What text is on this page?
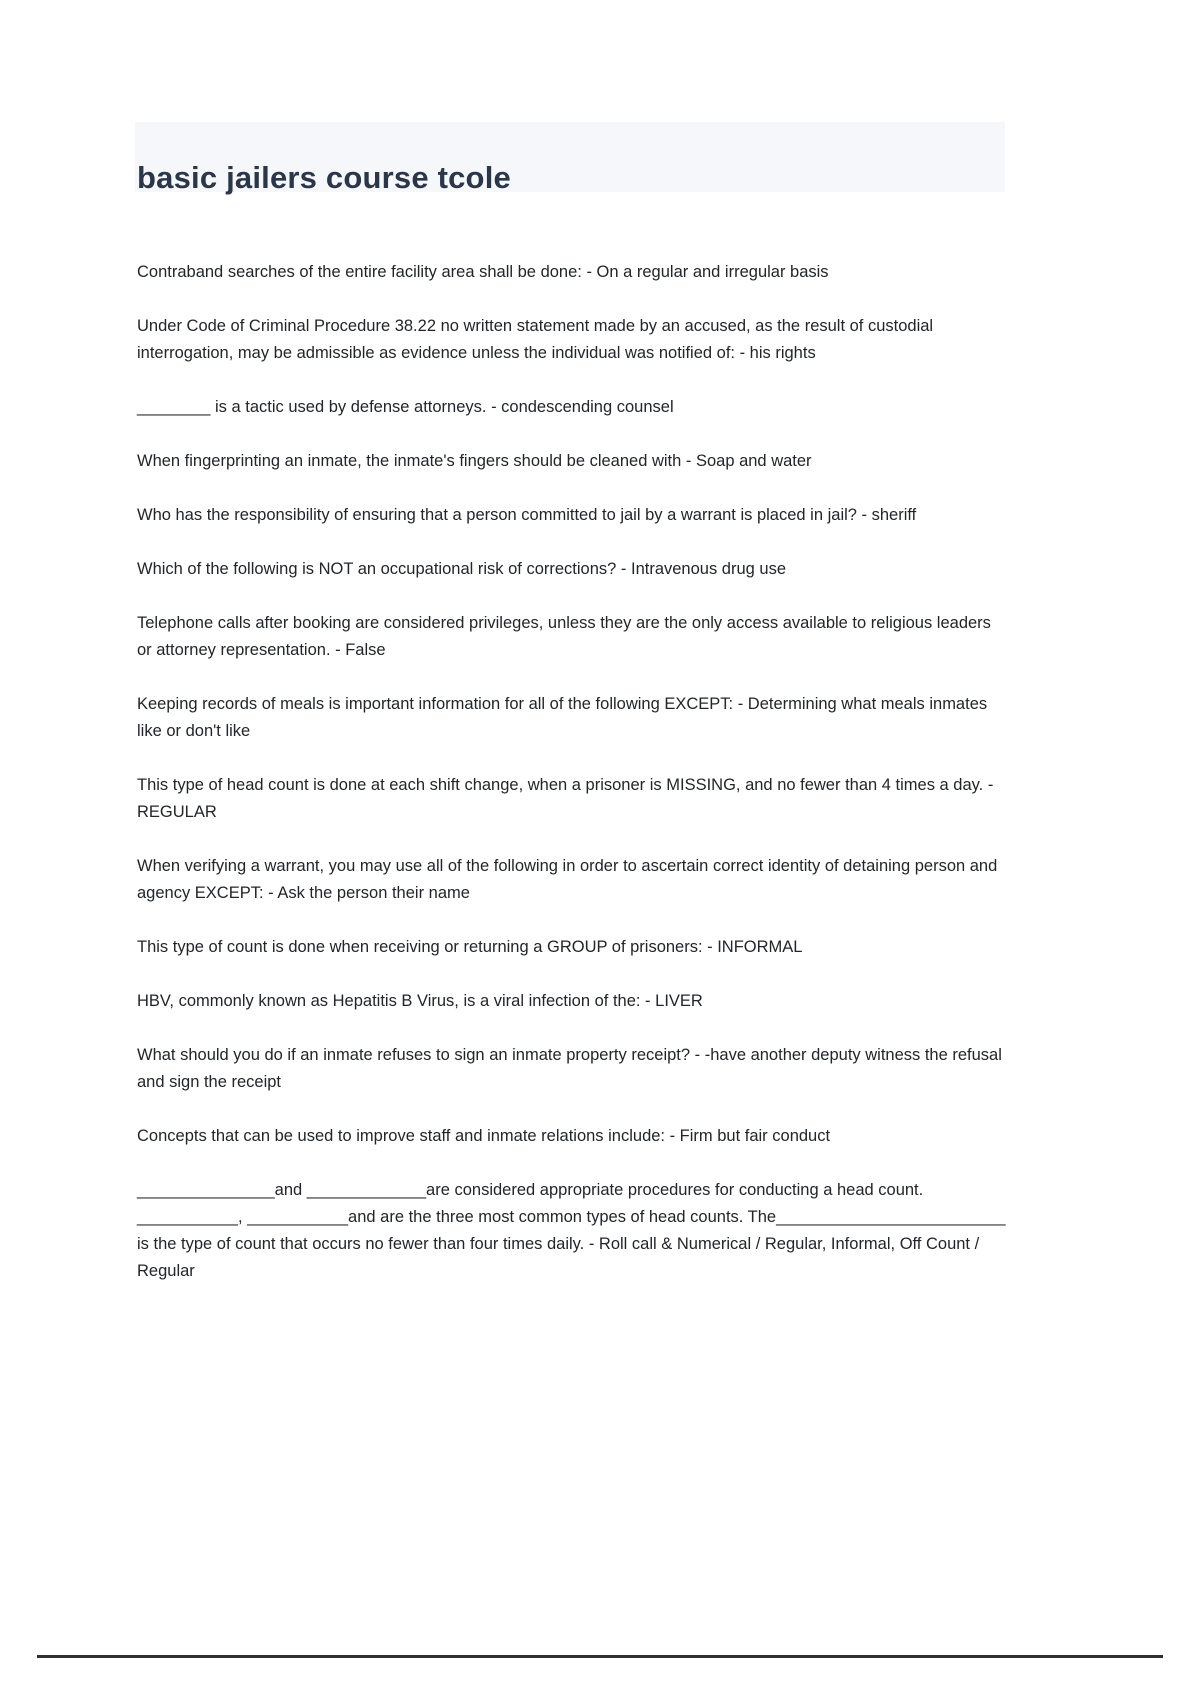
basic jailers course tcole

Contraband searches of the entire facility area shall be done: - On a regular and irregular basis

Under Code of Criminal Procedure 38.22 no written statement made by an accused, as the result of custodial interrogation, may be admissible as evidence unless the individual was notified of: - his rights

________ is a tactic used by defense attorneys. - condescending counsel

When fingerprinting an inmate, the inmate's fingers should be cleaned with - Soap and water

Who has the responsibility of ensuring that a person committed to jail by a warrant is placed in jail? - sheriff

Which of the following is NOT an occupational risk of corrections? - Intravenous drug use

Telephone calls after booking are considered privileges, unless they are the only access available to religious leaders or attorney representation. - False

Keeping records of meals is important information for all of the following EXCEPT: - Determining what meals inmates like or don't like

This type of head count is done at each shift change, when a prisoner is MISSING, and no fewer than 4 times a day. - REGULAR

When verifying a warrant, you may use all of the following in order to ascertain correct identity of detaining person and agency EXCEPT: - Ask the person their name

This type of count is done when receiving or returning a GROUP of prisoners: - INFORMAL

HBV, commonly known as Hepatitis B Virus, is a viral infection of the: - LIVER

What should you do if an inmate refuses to sign an inmate property receipt? - -have another deputy witness the refusal and sign the receipt

Concepts that can be used to improve staff and inmate relations include: - Firm but fair conduct

_______________and _____________are considered appropriate procedures for conducting a head count. ___________, ___________and are the three most common types of head counts. The_________________________ is the type of count that occurs no fewer than four times daily. - Roll call & Numerical / Regular, Informal, Off Count / Regular
